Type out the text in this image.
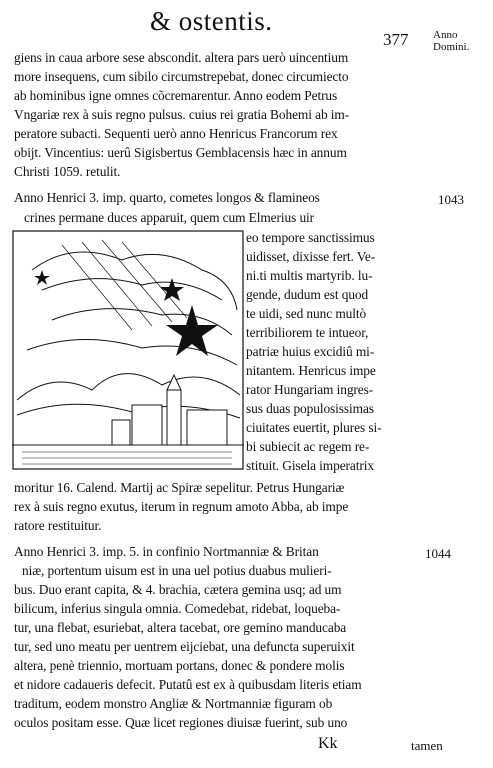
& ostentis.
377 Anno Domini.
giens in caua arbore sese abscondit. altera pars uerò uincentium
more insequens, cum sibilo circumstrepebat, donec circumiecto
ab hominibus igne omnes cõcremarentur. Anno eodem Petrus
Vngariæ rex à suis regno pulsus. cuius rei gratia Bohemi ab im-
peratore subacti. Sequenti uerò anno Henricus Francorum rex
obijt. Vincentius: uerû Sigisbertus Gemblacensis hæc in annum
Christi 1059. retulit.
1043
Anno Henrici 3. imp. quarto, cometes longos & flamineos
crines permane duces apparuit, quem cum Elmerius uir
eo tempore sanctissimus
uidisset, dixisse fert. Ve-
ni.ti multis martyrib. lu-
gende, dudum est quod
te uidi, sed nunc multò
terribiliorem te intueor,
patriæ huius excidiû mi-
nitantem. Henricus impe
rator Hungariam ingres-
sus duas populosissimas
ciuitates euertit, plures si-
bi subiecit ac regem re-
stituit. Gisela imperatrix
moritur 16. Calend. Martij ac Spiræ sepelitur. Petrus Hungariæ
rex à suis regno exutus, iterum in regnum amoto Abba, ab impe
ratore restituitur.
1044
Anno Henrici 3. imp. 5. in confinio Nortmanniæ & Britan
niæ, portentum uisum est in una uel potius duabus mulieri-
bus. Duo erant capita, & 4. brachia, cætera gemina usq; ad um
bilicum, inferius singula omnia. Comedebat, ridebat, loqueba-
tur, una flebat, esuriebat, altera tacebat, ore gemino manducaba
tur, sed uno meatu per uentrem eijciebat, una defuncta superuixit
altera, penè triennio, mortuam portans, donec & pondere molis
et nidore cadaueris defecit. Putatû est ex à quibusdam literis etiam
traditum, eodem monstro Angliæ & Nortmanniæ figuram ob
oculos positam esse. Quæ licet regiones diuisæ fuerint, sub uno
Kk	tamen
